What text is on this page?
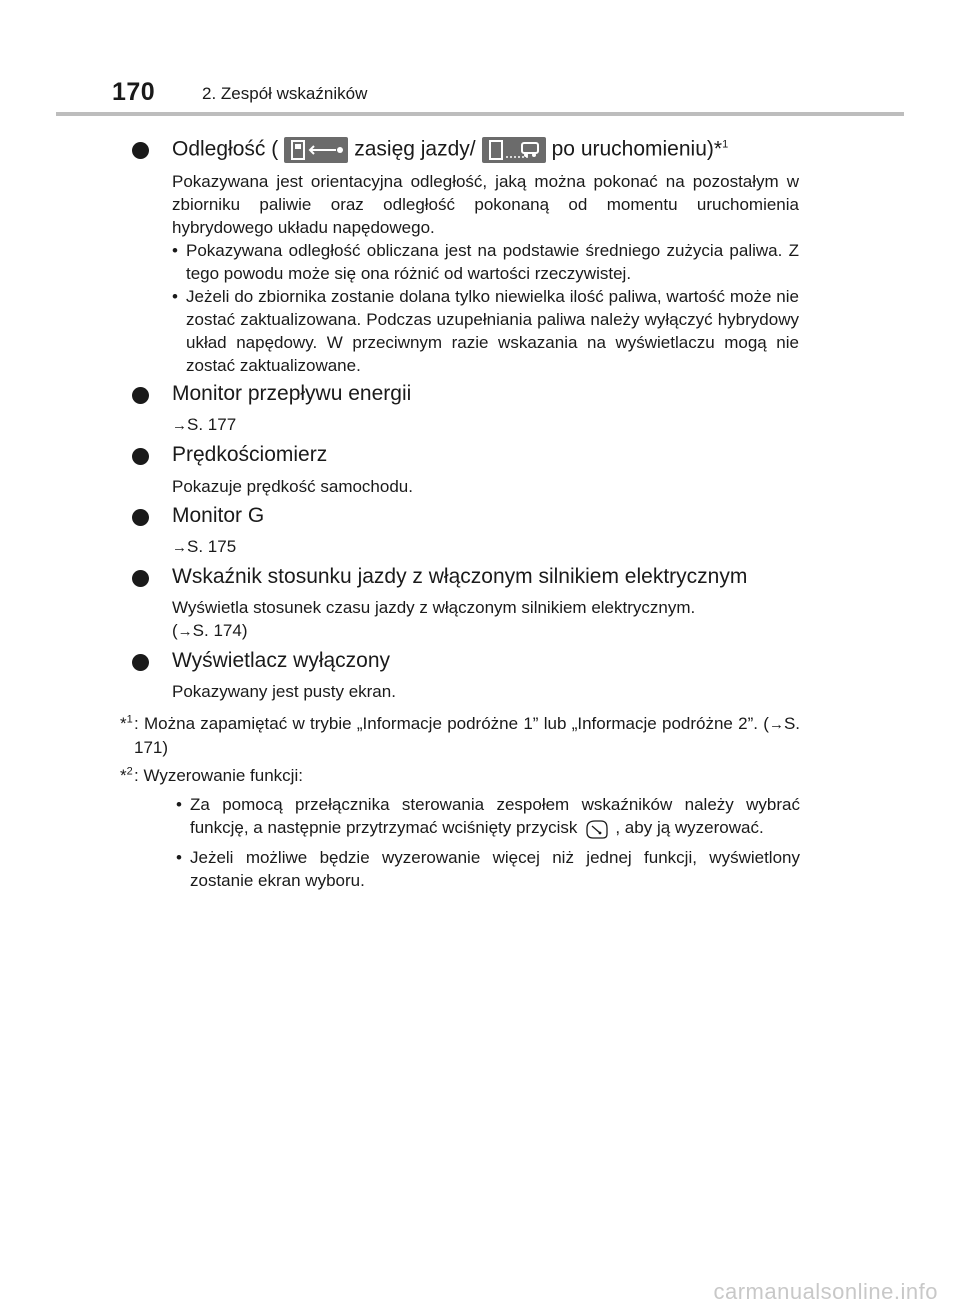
170	2. Zespół wskaźników
Odległość (	zasięg jazdy/	po uruchomieniu)*$^1$
Pokazywana jest orientacyjna odległość, jaką można pokonać na pozostałym w zbiorniku paliwie oraz odległość pokonaną od momentu uruchomienia hybrydowego układu napędowego.
• Pokazywana odległość obliczana jest na podstawie średniego zużycia paliwa. Z tego powodu może się ona różnić od wartości rzeczywistej.
• Jeżeli do zbiornika zostanie dolana tylko niewielka ilość paliwa, wartość może nie zostać zaktualizowana. Podczas uzupełniania paliwa należy wyłączyć hybrydowy układ napędowy. W przeciwnym razie wskazania na wyświetlaczu mogą nie zostać zaktualizowane.
Monitor przepływu energii
→S. 177
Prędkościomierz
Pokazuje prędkość samochodu.
Monitor G
→S. 175
Wskaźnik stosunku jazdy z włączonym silnikiem elektrycznym
Wyświetla stosunek czasu jazdy z włączonym silnikiem elektrycznym.
(→S. 174)
Wyświetlacz wyłączony
Pokazywany jest pusty ekran.
*$^1$ : Można zapamiętać w trybie „Informacje podróżne 1” lub „Informacje podróżne 2”. (→S. 171)
*$^2$ : Wyzerowanie funkcji:
• Za pomocą przełącznika sterowania zespołem wskaźników należy wybrać funkcję, a następnie przytrzymać wciśnięty przycisk , aby ją wyzerować.
• Jeżeli możliwe będzie wyzerowanie więcej niż jednej funkcji, wyświetlony zostanie ekran wyboru.
carmanualsonline.info
